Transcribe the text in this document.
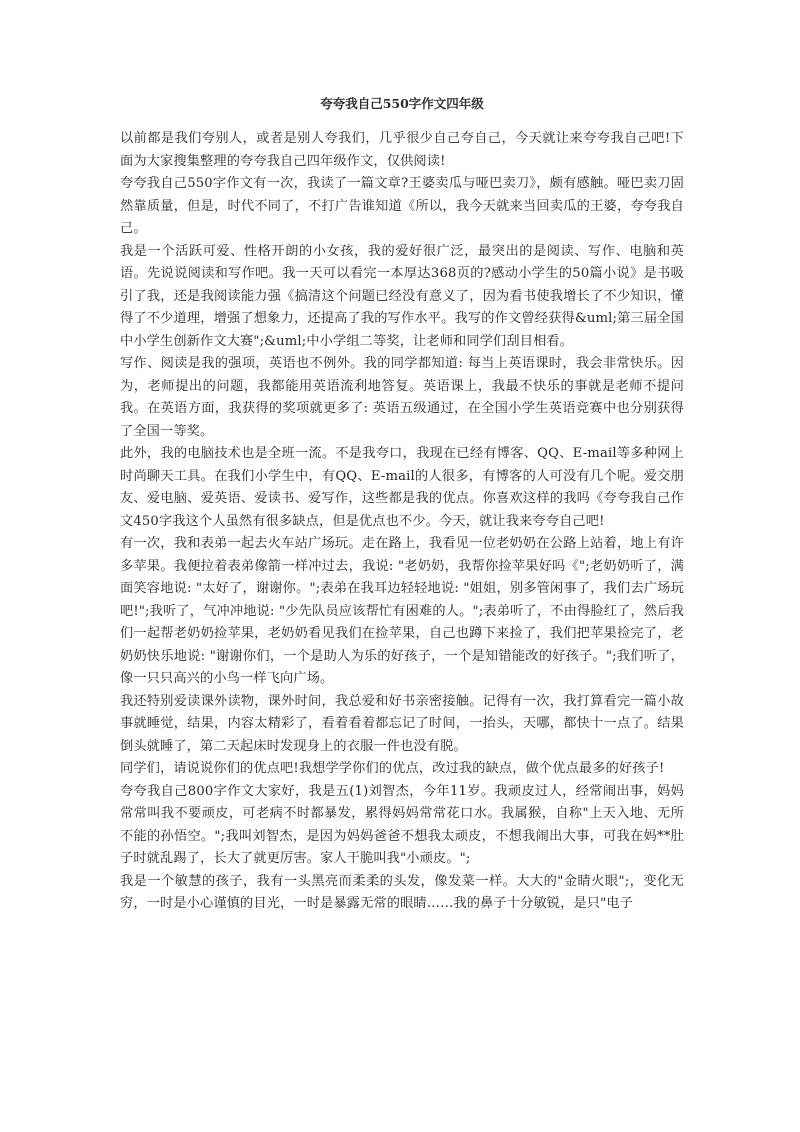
夸夸我自己550字作文四年级

以前都是我们夸别人，或者是别人夸我们，几乎很少自己夸自己，今天就让来夸夸我自己吧!下面为大家搜集整理的夸夸我自己四年级作文，仅供阅读!

夸夸我自己550字作文有一次，我读了一篇文章?王婆卖瓜与哑巴卖刀》，颇有感触。哑巴卖刀固然靠质量，但是，时代不同了，不打广告谁知道《所以，我今天就来当回卖瓜的王婆，夸夸我自己。

我是一个活跃可爱、性格开朗的小女孩，我的爱好很广泛，最突出的是阅读、写作、电脑和英语。先说说阅读和写作吧。我一天可以看完一本厚达368页的?感动小学生的50篇小说》是书吸引了我，还是我阅读能力强《搞清这个问题已经没有意义了，因为看书使我增长了不少知识，懂得了不少道理，增强了想象力，还提高了我的写作水平。我写的作文曾经获得&uml;第三届全国中小学生创新作文大赛";&uml;中小学组二等奖，让老师和同学们刮目相看。

写作、阅读是我的强项，英语也不例外。我的同学都知道: 每当上英语课时，我会非常快乐。因为，老师提出的问题，我都能用英语流利地答复。英语课上，我最不快乐的事就是老师不提问我。在英语方面，我获得的奖项就更多了: 英语五级通过，在全国小学生英语竞赛中也分别获得了全国一等奖。

此外，我的电脑技术也是全班一流。不是我夸口，我现在已经有博客、QQ、E-mail等多种网上时尚聊天工具。在我们小学生中，有QQ、E-mail的人很多，有博客的人可没有几个呢。爱交朋友、爱电脑、爱英语、爱读书、爱写作，这些都是我的优点。你喜欢这样的我吗《夸夸我自己作文450字我这个人虽然有很多缺点，但是优点也不少。今天，就让我来夸夸自己吧!

有一次，我和表弟一起去火车站广场玩。走在路上，我看见一位老奶奶在公路上站着，地上有许多苹果。我便拉着表弟像箭一样冲过去，我说: "老奶奶，我帮你捡苹果好吗《";老奶奶听了，满面笑容地说: "太好了，谢谢你。";表弟在我耳边轻轻地说: "姐姐，别多管闲事了，我们去广场玩吧!";我听了，气冲冲地说: "少先队员应该帮忙有困难的人。";表弟听了，不由得脸红了，然后我们一起帮老奶奶捡苹果，老奶奶看见我们在捡苹果，自己也蹲下来捡了，我们把苹果捡完了，老奶奶快乐地说: "谢谢你们，一个是助人为乐的好孩子，一个是知错能改的好孩子。";我们听了，像一只只高兴的小鸟一样飞向广场。

我还特别爱读课外读物，课外时间，我总爱和好书亲密接触。记得有一次，我打算看完一篇小故事就睡觉，结果，内容太精彩了，看着看着都忘记了时间，一抬头，天哪，都快十一点了。结果倒头就睡了，第二天起床时发现身上的衣服一件也没有脱。

同学们，请说说你们的优点吧!我想学学你们的优点，改过我的缺点，做个优点最多的好孩子!

夸夸我自己800字作文大家好，我是五(1)刘智杰，今年11岁。我顽皮过人，经常闹出事，妈妈常常叫我不要顽皮，可老病不时都暴发，累得妈妈常常花口水。我属猴，自称"上天入地、无所不能的孙悟空。";我叫刘智杰，是因为妈妈爸爸不想我太顽皮，不想我闹出大事，可我在妈**肚子时就乱踢了，长大了就更厉害。家人干脆叫我"小顽皮。";

我是一个敏慧的孩子，我有一头黑亮而柔柔的头发，像发菜一样。大大的"金睛火眼";，变化无穷，一时是小心谨慎的目光，一时是暴露无常的眼睛……我的鼻子十分敏锐，是只"电子
